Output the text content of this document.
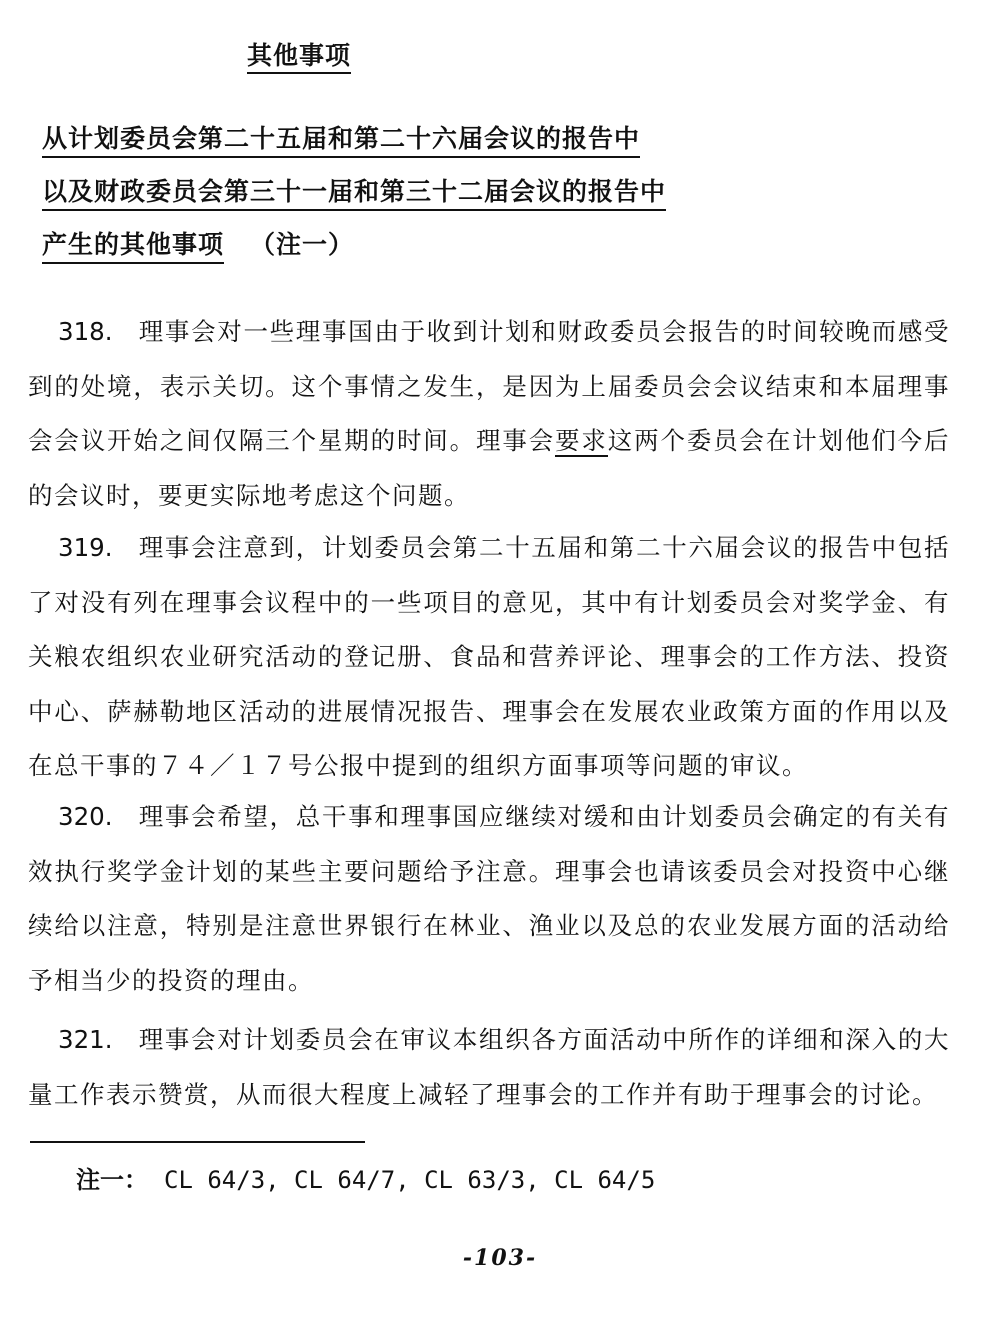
其他事项
从计划委员会第二十五届和第二十六届会议的报告中
以及财政委员会第三十一届和第三十二届会议的报告中
产生的其他事项 （注一）

318. 理事会对一些理事国由于收到计划和财政委员会报告的时间较晚而感受到的处境，表示关切。这个事情之发生，是因为上届委员会会议结束和本届理事会会议开始之间仅隔三个星期的时间。理事会要求这两个委员会在计划他们今后的会议时，要更实际地考虑这个问题。

319. 理事会注意到，计划委员会第二十五届和第二十六届会议的报告中包括了对没有列在理事会议程中的一些项目的意见，其中有计划委员会对奖学金、有关粮农组织农业研究活动的登记册、食品和营养评论、理事会的工作方法、投资中心、萨赫勒地区活动的进展情况报告、理事会在发展农业政策方面的作用以及在总干事的７４／１７号公报中提到的组织方面事项等问题的审议。

320. 理事会希望，总干事和理事国应继续对缓和由计划委员会确定的有关有效执行奖学金计划的某些主要问题给予注意。理事会也请该委员会对投资中心继续给以注意，特别是注意世界银行在林业、渔业以及总的农业发展方面的活动给予相当少的投资的理由。

321. 理事会对计划委员会在审议本组织各方面活动中所作的详细和深入的大量工作表示赞赏，从而很大程度上减轻了理事会的工作并有助于理事会的讨论。

注一： CL 64/3, CL 64/7, CL 63/3, CL 64/5
-103-
